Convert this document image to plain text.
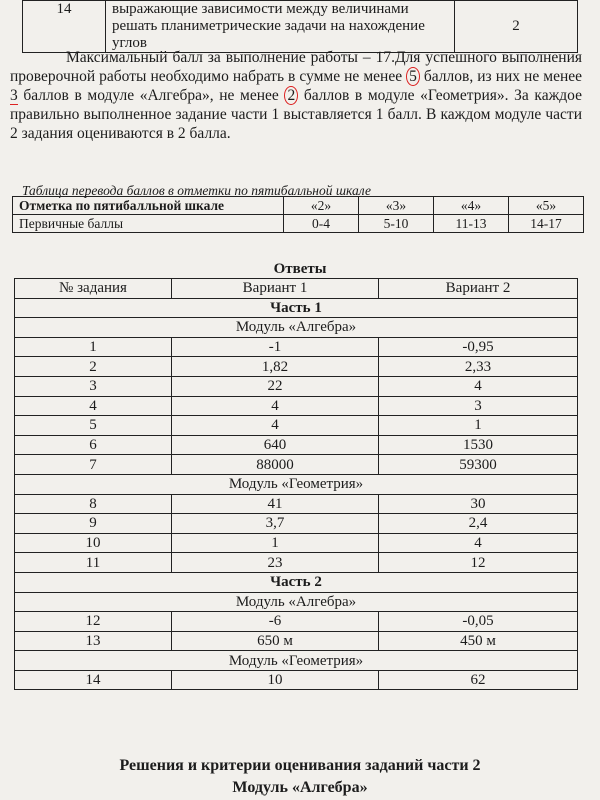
14	выражающие зависимости между величинами
решать планиметрические задачи на нахождение
углов
	2

Максимальный балл за выполнение работы – 17.Для успешного выполнения проверочной работы необходимо набрать в сумме не менее 5 баллов, из них не менее 3 баллов в модуле «Алгебра», не менее 2 баллов в модуле «Геометрия». За каждое правильно выполненное задание части 1 выставляется 1 балл. В каждом модуле части 2 задания оцениваются в 2 балла.

Таблица перевода баллов в отметки по пятибалльной шкале
Отметка по пятибалльной шкале	«2»	«3»	«4»	«5»
Первичные баллы	0-4	5-10	11-13	14-17
Ответы
№ задания	Вариант 1	Вариант 2
Часть 1		
Модуль «Алгебра»		
1	-1	-0,95
2	1,82	2,33
3	22	4
4	4	3
5	4	1
6	640	1530
7	88000	59300
Модуль «Геометрия»		
8	41	30
9	3,7	2,4
10	1	4
11	23	12
Часть 2		
Модуль «Алгебра»		
12	-6	-0,05
13	650 м	450 м
Модуль «Геометрия»		
14	10	62
Решения и критерии оценивания заданий части 2
Модуль «Алгебра»
